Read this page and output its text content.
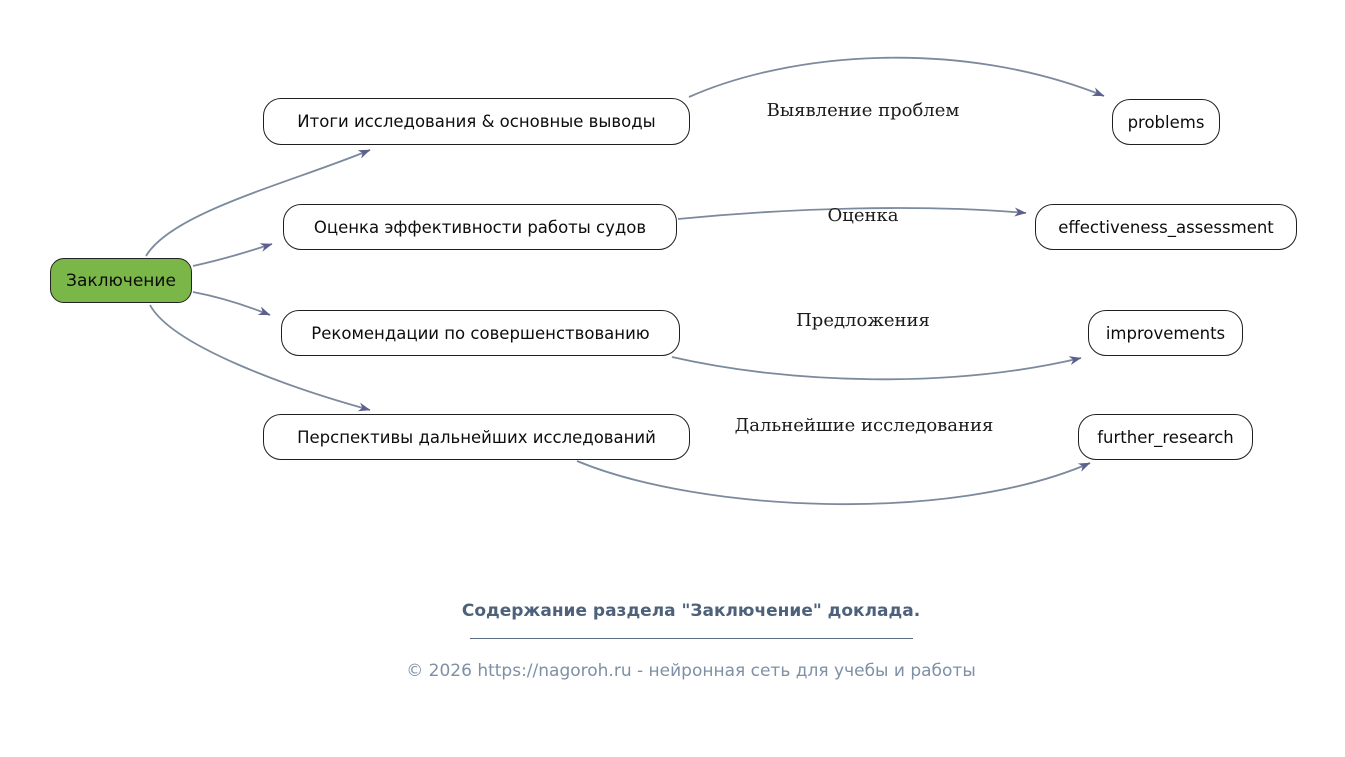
Заключение
Итоги исследования & основные выводы
Оценка эффективности работы судов
Рекомендации по совершенствованию
Перспективы дальнейших исследований
problems
effectiveness_assessment
improvements
further_research
Выявление проблем
Оценка
Предложения
Дальнейшие исследования
Содержание раздела "Заключение" доклада.
© 2026 https://nagoroh.ru - нейронная сеть для учебы и работы
